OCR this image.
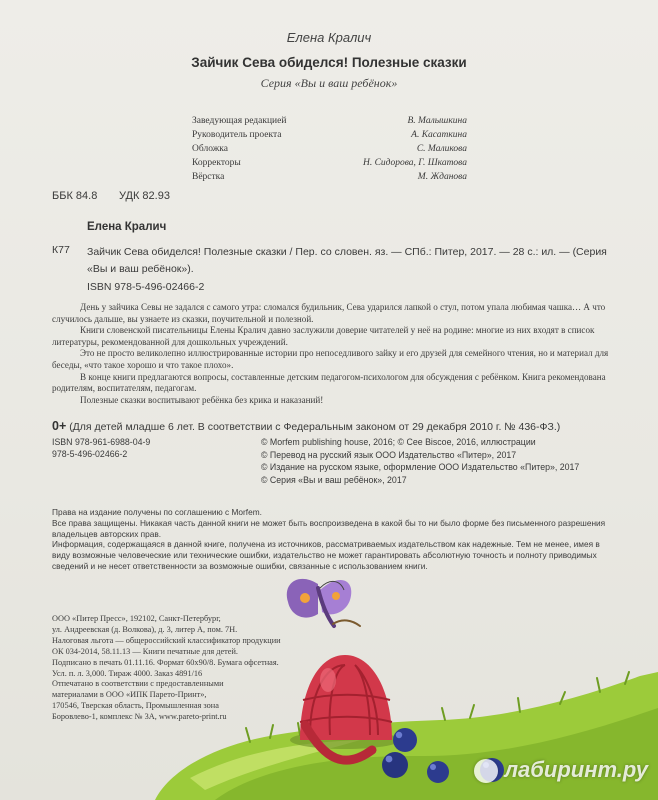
Елена Кралич
Зайчик Сева обиделся! Полезные сказки
Серия «Вы и ваш ребёнок»
Заведующая редакцией	В. Малышкина
Руководитель проекта	А. Касаткина
Обложка	С. Маликова
Корректоры	Н. Сидорова, Г. Шкатова
Вёрстка	М. Жданова
ББК 84.8 УДК 82.93
Елена Кралич
К77 Зайчик Сева обиделся! Полезные сказки / Пер. со словен. яз. — СПб.: Питер, 2017. — 28 с.: ил. — (Серия «Вы и ваш ребёнок»).
ISBN 978-5-496-02466-2

День у зайчика Севы не задался с самого утра: сломался будильник, Сева ударился лапкой о стул, потом упала любимая чашка… А что случилось дальше, вы узнаете из сказки, поучительной и полезной.

Книги словенской писательницы Елены Кралич давно заслужили доверие читателей у неё на родине: многие из них входят в список литературы, рекомендованной для дошкольных учреждений.

Это не просто великолепно иллюстрированные истории про непоседливого зайку и его друзей для семейного чтения, но и материал для беседы, «что такое хорошо и что такое плохо».

В конце книги предлагаются вопросы, составленные детским педагогом-психологом для обсуждения с ребёнком. Книга рекомендована родителям, воспитателям, педагогам.

Полезные сказки воспитывают ребёнка без крика и наказаний!

0+ (Для детей младше 6 лет. В соответствии с Федеральным законом от 29 декабря 2010 г. № 436-ФЗ.)
ISBN 978-961-6988-04-9
978-5-496-02466-2
© Morfem publishing house, 2016; © Cee Biscoe, 2016, иллюстрации
© Перевод на русский язык ООО Издательство «Питер», 2017
© Издание на русском языке, оформление ООО Издательство «Питер», 2017
© Серия «Вы и ваш ребёнок», 2017
Права на издание получены по соглашению с Morfem.
Все права защищены. Никакая часть данной книги не может быть воспроизведена в какой бы то ни было форме без письменного разрешения владельцев авторских прав.
Информация, содержащаяся в данной книге, получена из источников, рассматриваемых издательством как надежные. Тем не менее, имея в виду возможные человеческие или технические ошибки, издательство не может гарантировать абсолютную точность и полноту приводимых сведений и не несет ответственности за возможные ошибки, связанные с использованием книги.
ООО «Питер Пресс», 192102, Санкт-Петербург,
ул. Андреевская (д. Волкова), д. 3, литер А, пом. 7Н.
Налоговая льгота — общероссийский классификатор продукции
ОК 034-2014, 58.11.13 — Книги печатные для детей.
Подписано в печать 01.11.16. Формат 60х90/8. Бумага офсетная.
Усл. п. л. 3,000. Тираж 4000. Заказ 4891/16
Отпечатано в соответствии с предоставленными
материалами в ООО «ИПК Парето-Принт»,
170546, Тверская область, Промышленная зона
Боровлево-1, комплекс № 3А, www.pareto-print.ru
лабиринт.ру
